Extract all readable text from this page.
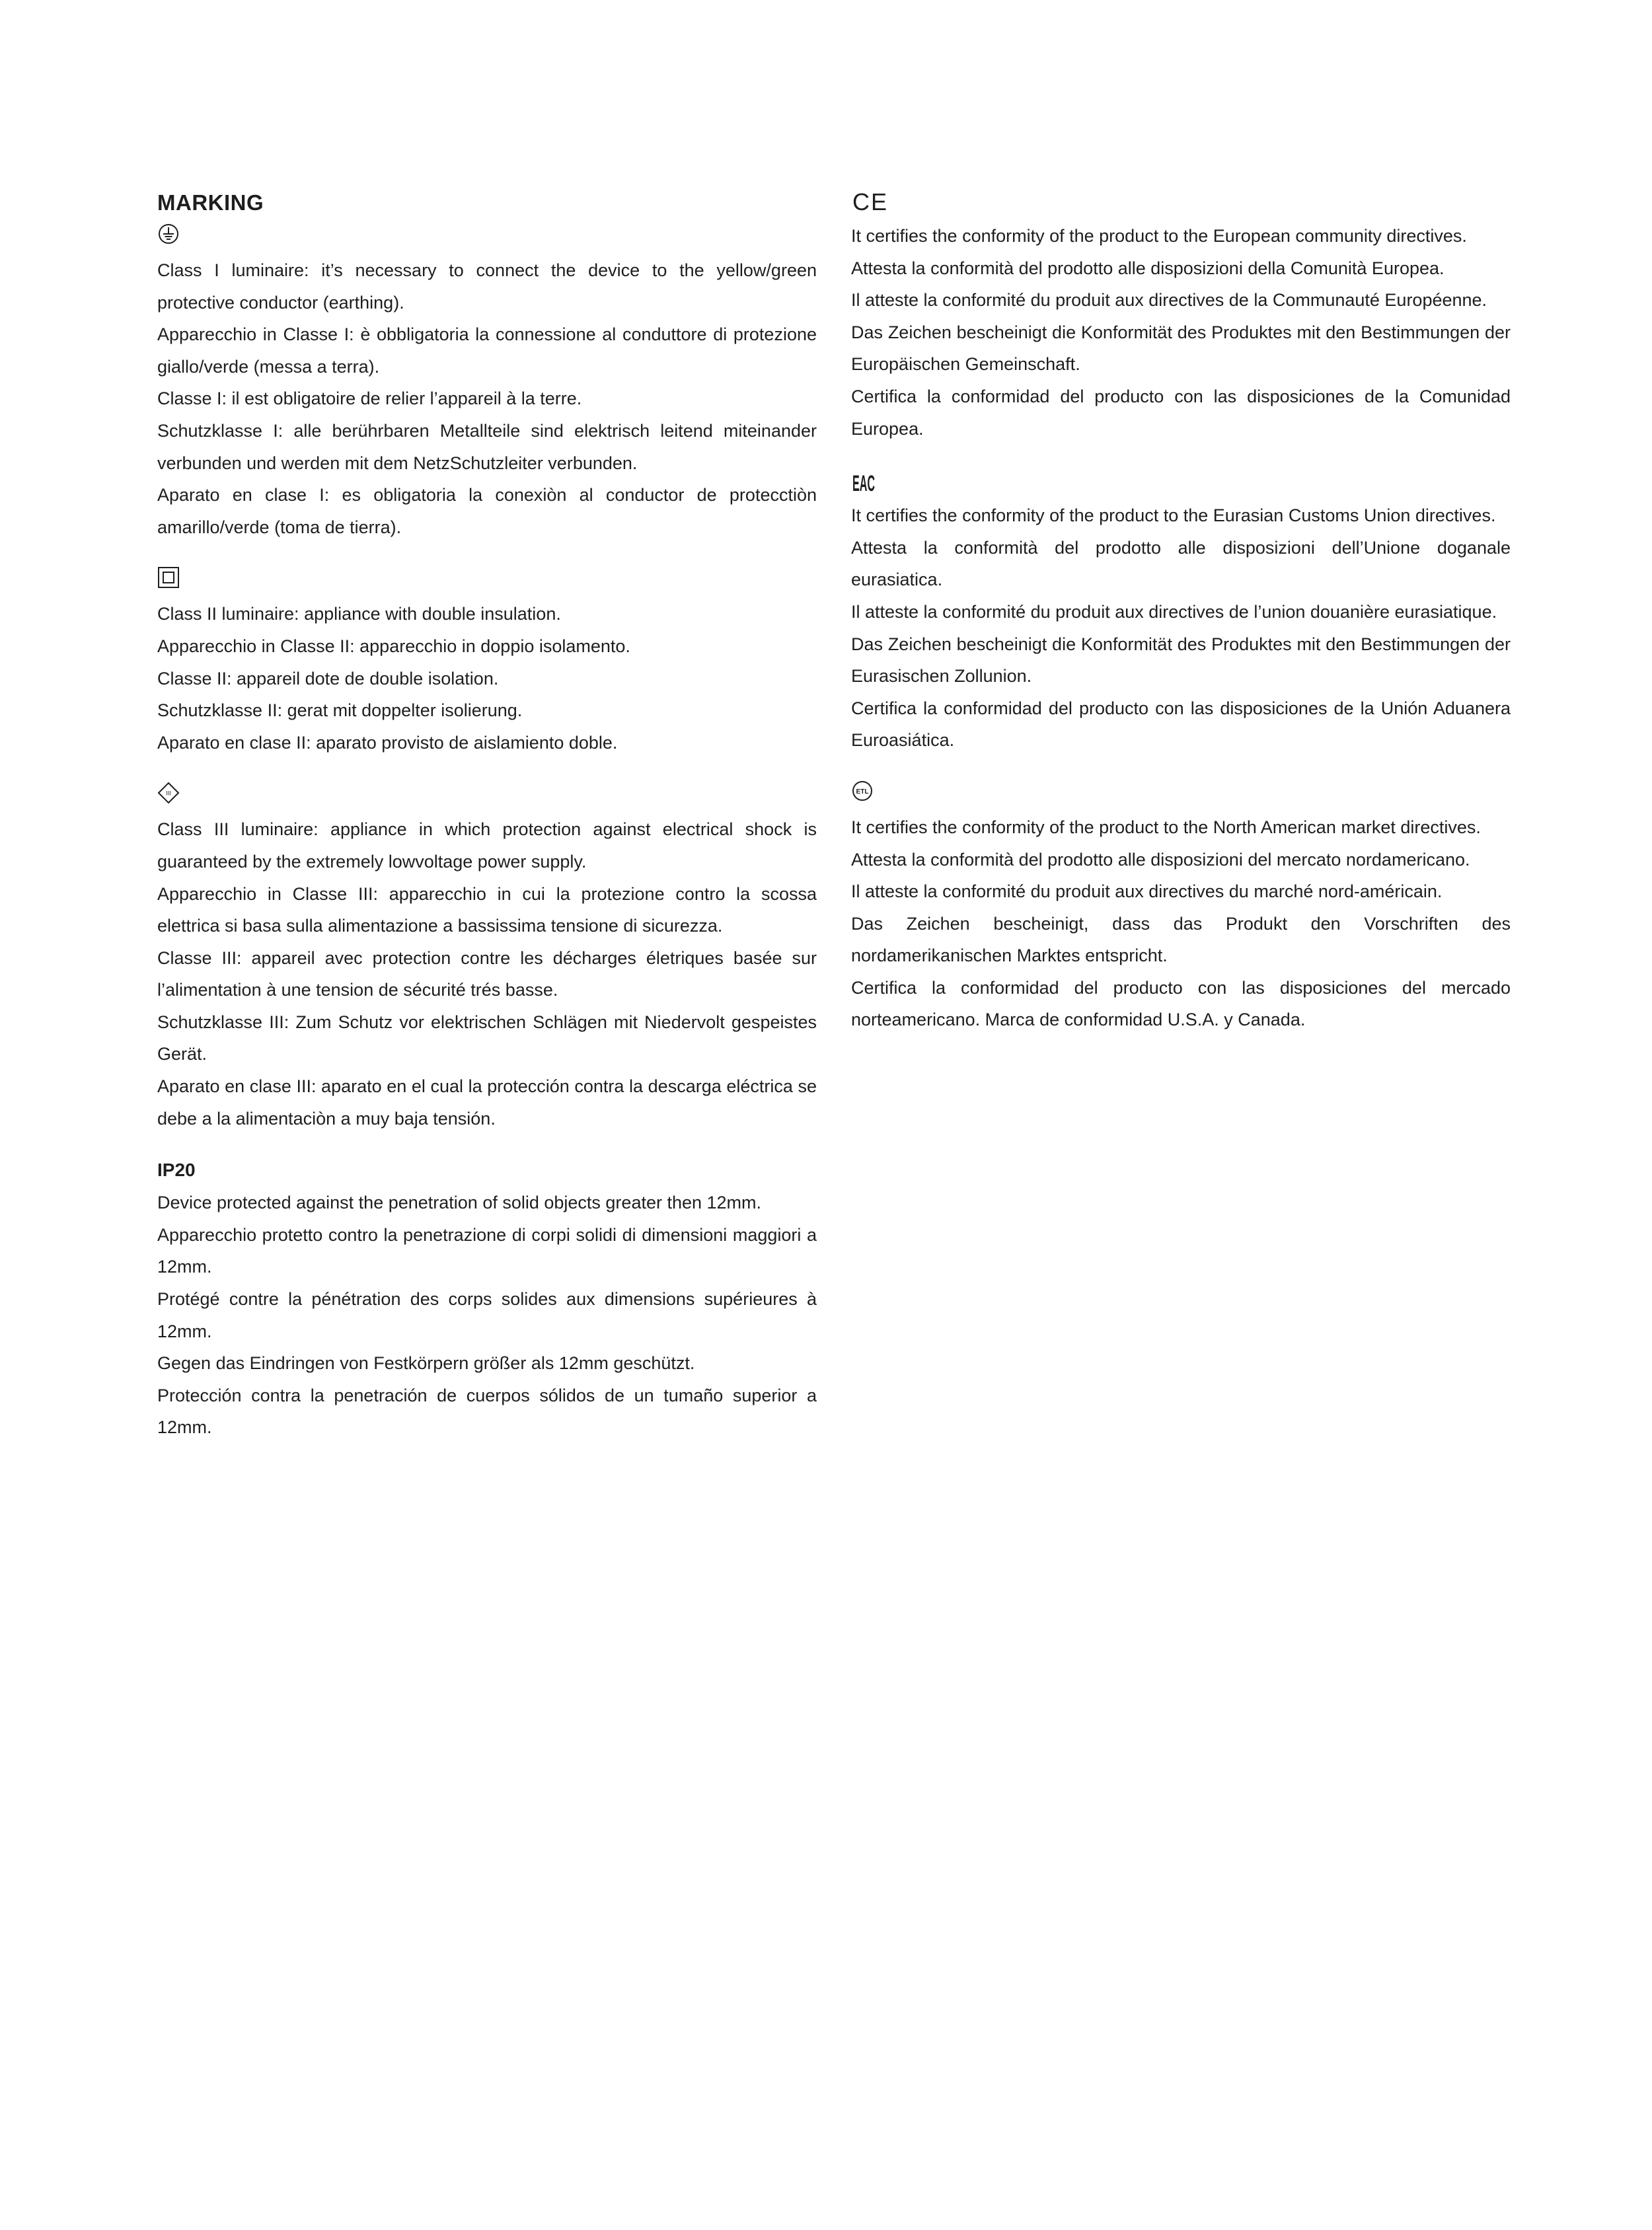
MARKING

Class I luminaire: it’s necessary to connect the device to the yellow/green protective conductor (earthing).

Apparecchio in Classe I: è obbligatoria la connessione al conduttore di protezione giallo/verde (messa a terra).

Classe I: il est obligatoire de relier l’appareil à la terre.

Schutzklasse I: alle berührbaren Metallteile sind elektrisch leitend miteinander verbunden und werden mit dem NetzSchutzleiter verbunden.

Aparato en clase I: es obligatoria la conexiòn al conductor de protecctiòn amarillo/verde (toma de tierra).

Class II luminaire: appliance with double insulation.

Apparecchio in Classe II: apparecchio in doppio isolamento.

Classe II: appareil dote de double isolation.

Schutzklasse II: gerat mit doppelter isolierung.

Aparato en clase II: aparato provisto de aislamiento doble.

III

Class III luminaire: appliance in which protection against electrical shock is guaranteed by the extremely lowvoltage power supply.

Apparecchio in Classe III: apparecchio in cui la protezione contro la scossa elettrica si basa sulla alimentazione a bassissima tensione di sicurezza.

Classe III: appareil avec protection contre les décharges életriques basée sur l’alimentation à une tension de sécurité trés basse.

Schutzklasse III: Zum Schutz vor elektrischen Schlägen mit Niedervolt gespeistes Gerät.

Aparato en clase III: aparato en el cual la protección contra la descarga eléctrica se debe a la alimentaciòn a muy baja tensión.

IP20

Device protected against the penetration of solid objects greater then 12mm.

Apparecchio protetto contro la penetrazione di corpi solidi di dimensioni maggiori a 12mm.

Protégé contre la pénétration des corps solides aux dimensions supérieures à 12mm.

Gegen das Eindringen von Festkörpern größer als 12mm geschützt.

Protección contra la penetración de cuerpos sólidos de un tumaño superior a 12mm.

CE

It certifies the conformity of the product to the European community directives.

Attesta la conformità del prodotto alle disposizioni della Comunità Europea.

Il atteste la conformité du produit aux directives de la Communauté Européenne.

Das Zeichen bescheinigt die Konformität des Produktes mit den Bestimmungen der Europäischen Gemeinschaft.

Certifica la conformidad del producto con las disposiciones de la Comunidad Europea.

EAC

It certifies the conformity of the product to the Eurasian Customs Union directives.

Attesta la conformità del prodotto alle disposizioni dell’Unione doganale eurasiatica.

Il atteste la conformité du produit aux directives de l’union douanière eurasiatique.

Das Zeichen bescheinigt die Konformität des Produktes mit den Bestimmungen der Eurasischen Zollunion.

Certifica la conformidad del producto con las disposiciones de la Unión Aduanera Euroasiática.

ETL

It certifies the conformity of the product to the North American market directives.

Attesta la conformità del prodotto alle disposizioni del mercato nordamericano.

Il atteste la conformité du produit aux directives du marché nord-américain.

Das Zeichen bescheinigt, dass das Produkt den Vorschriften des nordamerikanischen Marktes entspricht.

Certifica la conformidad del producto con las disposiciones del mercado norteamericano. Marca de conformidad U.S.A. y Canada.
